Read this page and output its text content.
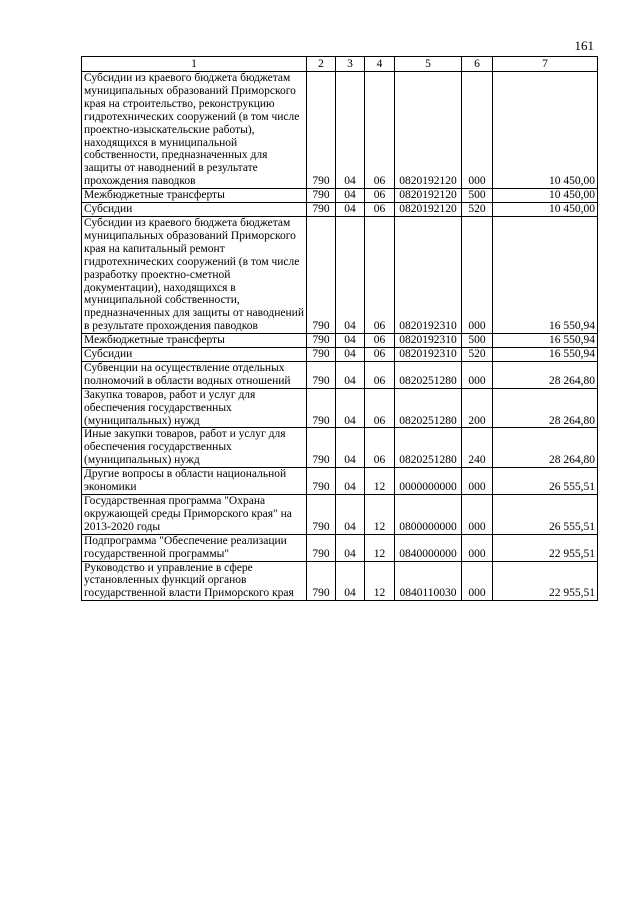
161
1	2	3	4	5	6	7
Субсидии из краевого бюджета бюджетам муниципальных образований Приморского края на строительство, реконструкцию гидротехнических сооружений (в том числе проектно-изыскательские работы), находящихся в муниципальной собственности, предназначенных для защиты от наводнений в результате прохождения паводков	790	04	06	0820192120	000	10 450,00
Межбюджетные трансферты	790	04	06	0820192120	500	10 450,00
Субсидии	790	04	06	0820192120	520	10 450,00
Субсидии из краевого бюджета бюджетам муниципальных образований Приморского края на капитальный ремонт гидротехнических сооружений (в том числе разработку проектно-сметной документации), находящихся в муниципальной собственности, предназначенных для защиты от наводнений в результате прохождения паводков	790	04	06	0820192310	000	16 550,94
Межбюджетные трансферты	790	04	06	0820192310	500	16 550,94
Субсидии	790	04	06	0820192310	520	16 550,94
Субвенции на осуществление отдельных полномочий в области водных отношений	790	04	06	0820251280	000	28 264,80
Закупка товаров, работ и услуг для обеспечения государственных (муниципальных) нужд	790	04	06	0820251280	200	28 264,80
Иные закупки товаров, работ и услуг для обеспечения государственных (муниципальных) нужд	790	04	06	0820251280	240	28 264,80
Другие вопросы в области национальной экономики	790	04	12	0000000000	000	26 555,51
Государственная программа "Охрана окружающей среды Приморского края" на 2013-2020 годы	790	04	12	0800000000	000	26 555,51
Подпрограмма "Обеспечение реализации государственной программы"	790	04	12	0840000000	000	22 955,51
Руководство и управление в сфере установленных функций органов государственной власти Приморского края	790	04	12	0840110030	000	22 955,51
